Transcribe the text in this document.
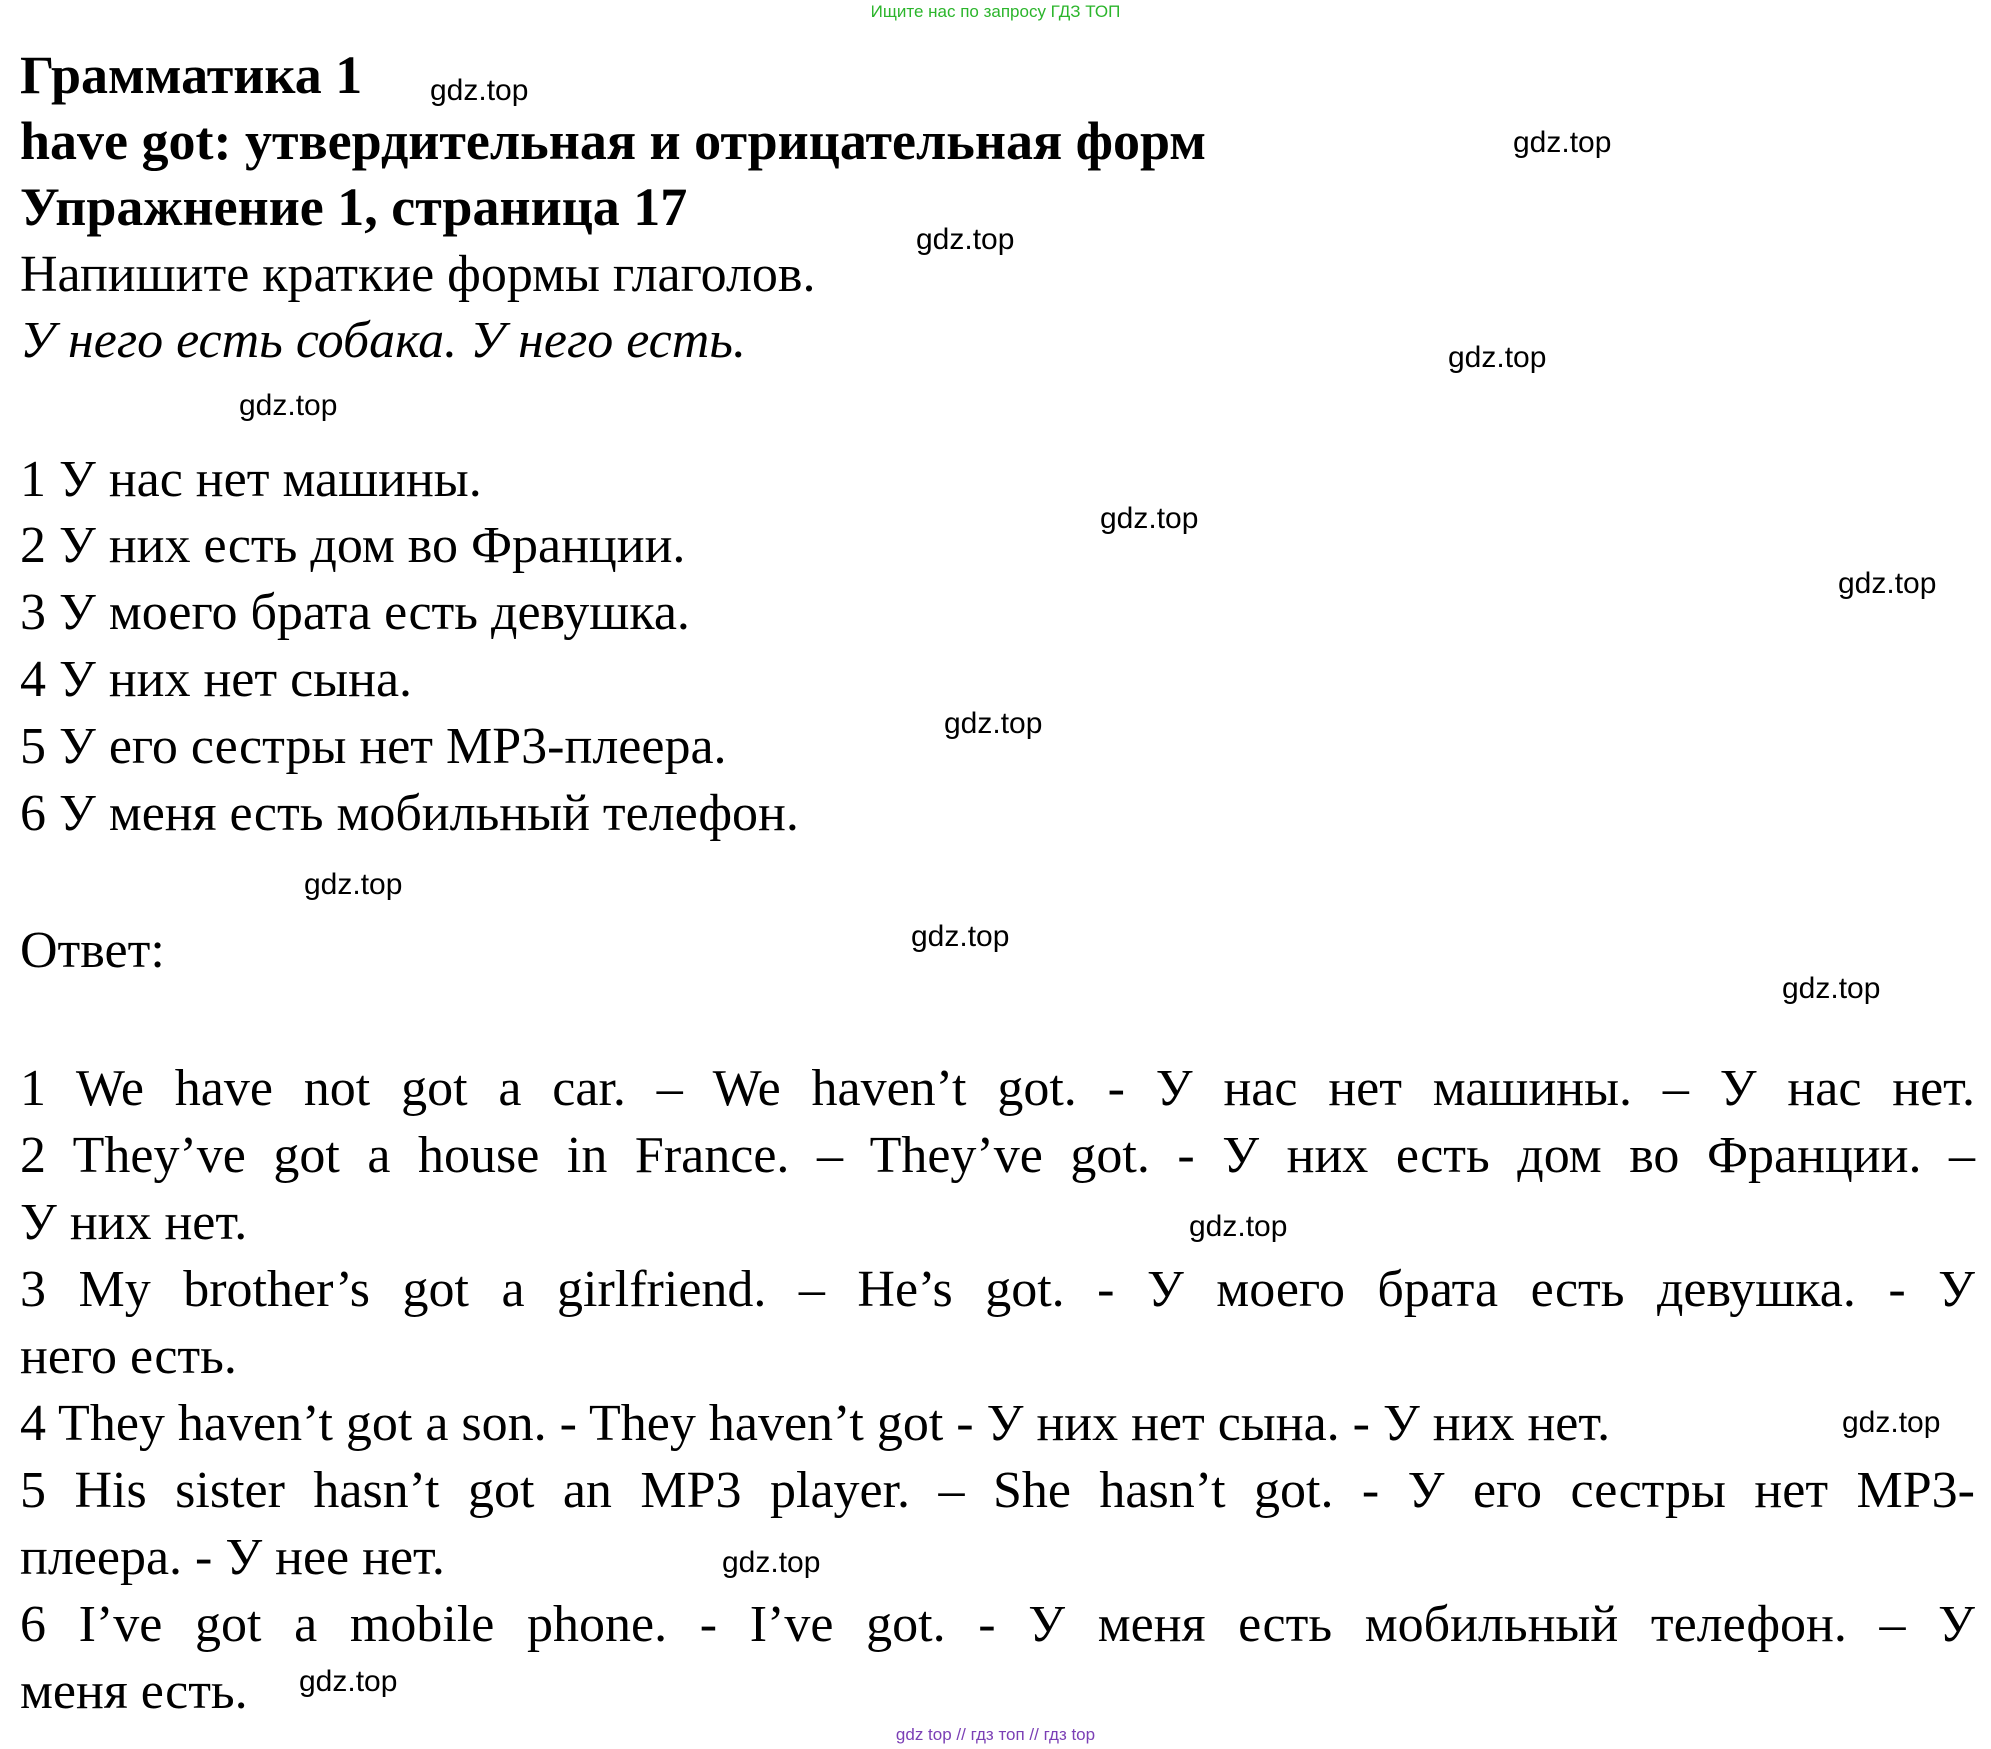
Ищите нас по запросу ГДЗ ТОП
Грамматика 1
have got: утвердительная и отрицательная форм
Упражнение 1, страница 17
Напишите краткие формы глаголов.
У него есть собака. У него есть.
1 У нас нет машины.
2 У них есть дом во Франции.
3 У моего брата есть девушка.
4 У них нет сына.
5 У его сестры нет MP3-плеера.
6 У меня есть мобильный телефон.
Ответ:
1 We have not got a car. – We haven’t got. - У нас нет машины. – У нас нет.
2 They’ve got a house in France. – They’ve got. - У них есть дом во Франции. –
У них нет.
3 My brother’s got a girlfriend. – He’s got. - У моего брата есть девушка. - У
него есть.
4 They haven’t got a son. - They haven’t got - У них нет сына. - У них нет.
5 His sister hasn’t got an MP3 player. – She hasn’t got. - У его сестры нет MP3-
плеера. - У нее нет.
6 I’ve got a mobile phone. - I’ve got. - У меня есть мобильный телефон. – У
меня есть.
gdz.top
gdz.top
gdz.top
gdz.top
gdz.top
gdz.top
gdz.top
gdz.top
gdz.top
gdz.top
gdz.top
gdz.top
gdz.top
gdz.top
gdz.top
gdz top // гдз топ // гдз top
